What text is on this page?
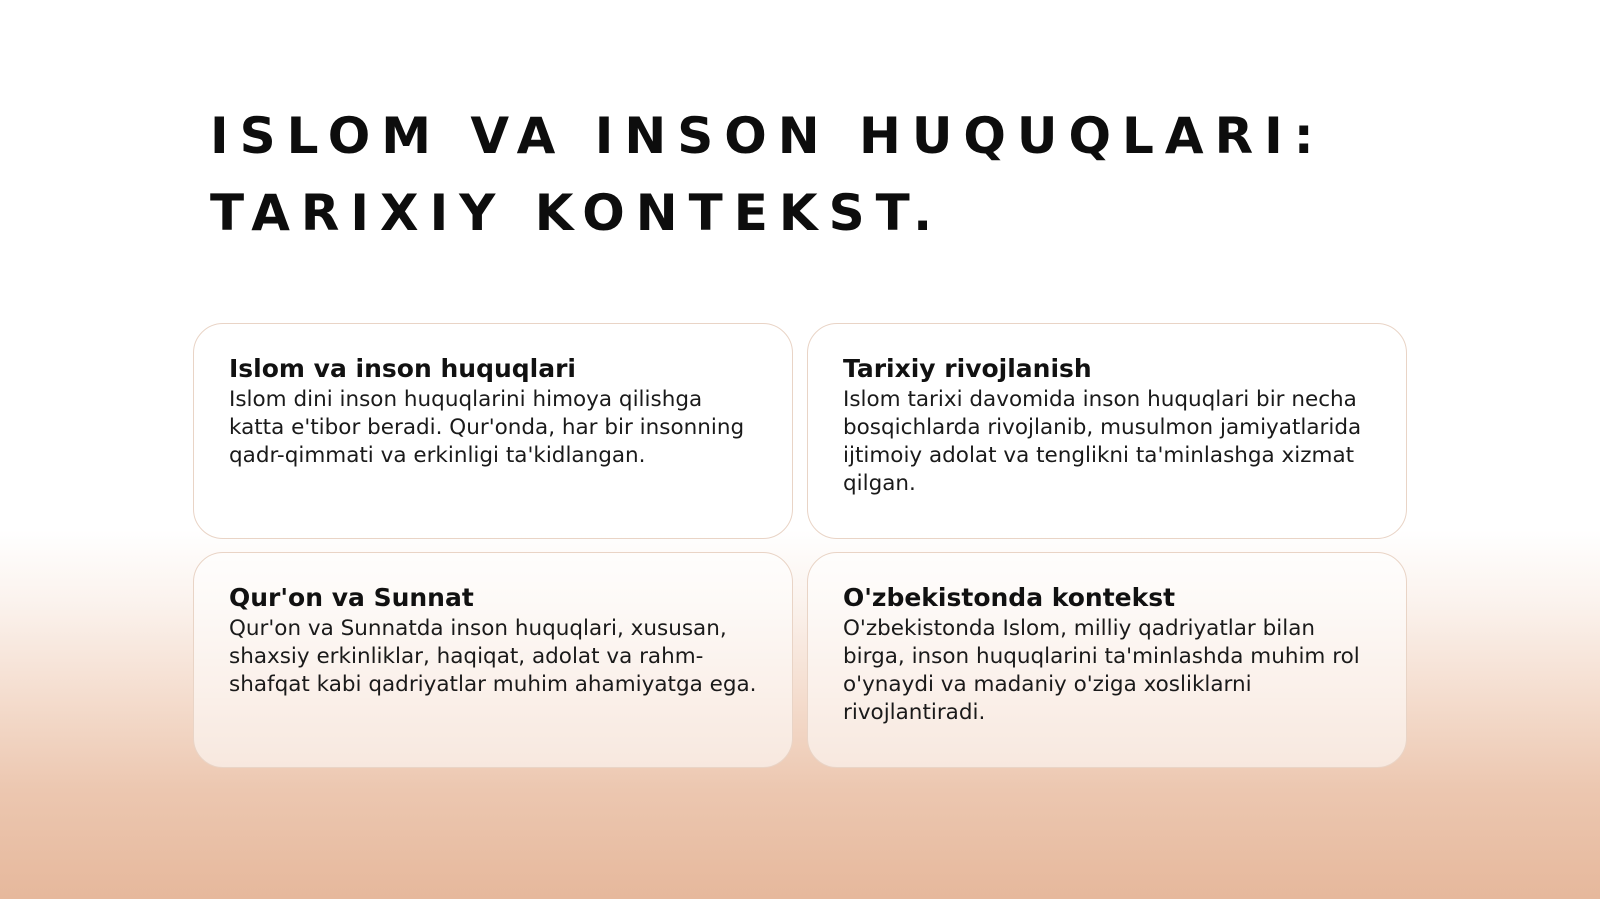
ISLOM VA INSON HUQUQLARI:
TARIXIY KONTEKST.
Islom va inson huquqlari

Islom dini inson huquqlarini himoya qilishga katta e'tibor beradi. Qur'onda, har bir insonning qadr-qimmati va erkinligi ta'kidlangan.

Tarixiy rivojlanish

Islom tarixi davomida inson huquqlari bir necha bosqichlarda rivojlanib, musulmon jamiyatlarida ijtimoiy adolat va tenglikni ta'minlashga xizmat qilgan.

Qur'on va Sunnat

Qur'on va Sunnatda inson huquqlari, xususan, shaxsiy erkinliklar, haqiqat, adolat va rahm-shafqat kabi qadriyatlar muhim ahamiyatga ega.

O'zbekistonda kontekst

O'zbekistonda Islom, milliy qadriyatlar bilan birga, inson huquqlarini ta'minlashda muhim rol o'ynaydi va madaniy o'ziga xosliklarni rivojlantiradi.
